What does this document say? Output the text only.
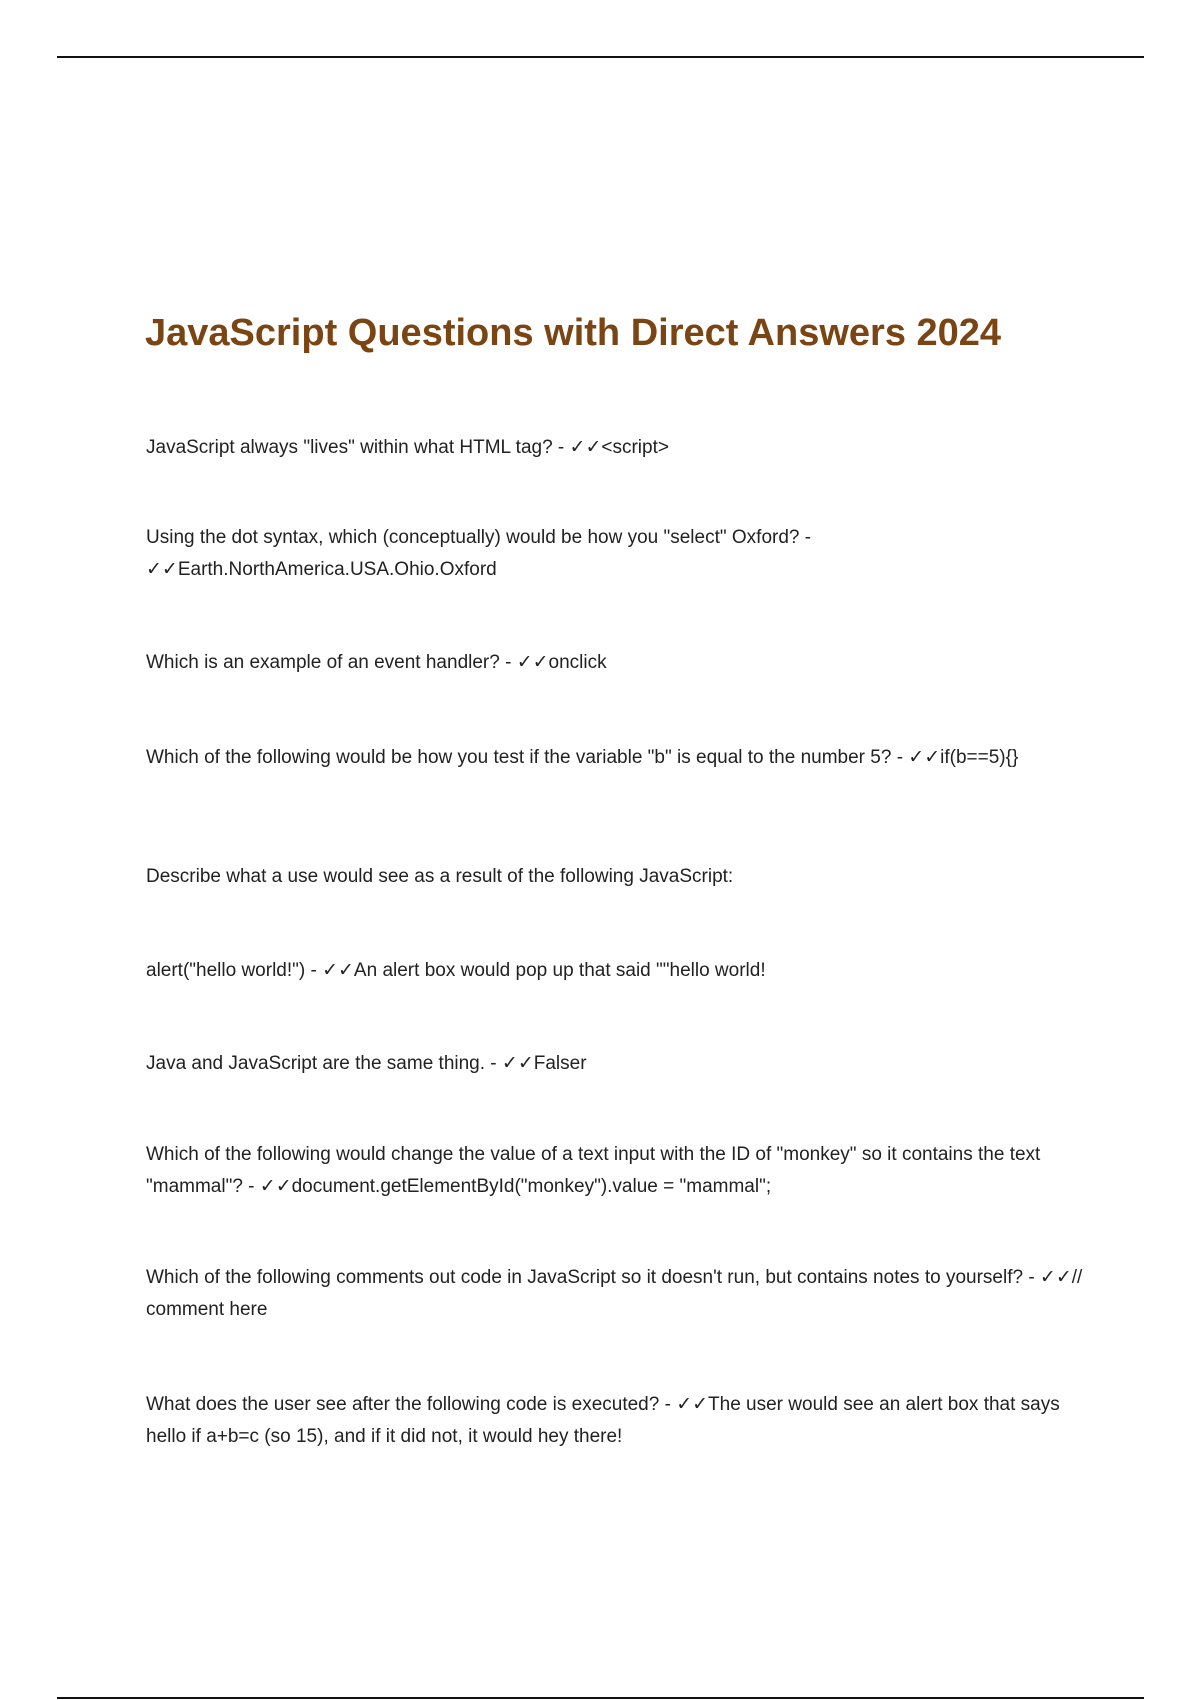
JavaScript Questions with Direct Answers 2024
JavaScript always "lives" within what HTML tag? - ✓✓<script>
Using the dot syntax, which (conceptually) would be how you "select" Oxford? - ✓✓Earth.NorthAmerica.USA.Ohio.Oxford
Which is an example of an event handler? - ✓✓onclick
Which of the following would be how you test if the variable "b" is equal to the number 5? - ✓✓if(b==5){}
Describe what a use would see as a result of the following JavaScript:
alert("hello world!") - ✓✓An alert box would pop up that said ""hello world!
Java and JavaScript are the same thing. - ✓✓Falser
Which of the following would change the value of a text input with the ID of "monkey" so it contains the text "mammal"? - ✓✓document.getElementById("monkey").value = "mammal";
Which of the following comments out code in JavaScript so it doesn't run, but contains notes to yourself? - ✓✓// comment here
What does the user see after the following code is executed? - ✓✓The user would see an alert box that says hello if a+b=c (so 15), and if it did not, it would hey there!
